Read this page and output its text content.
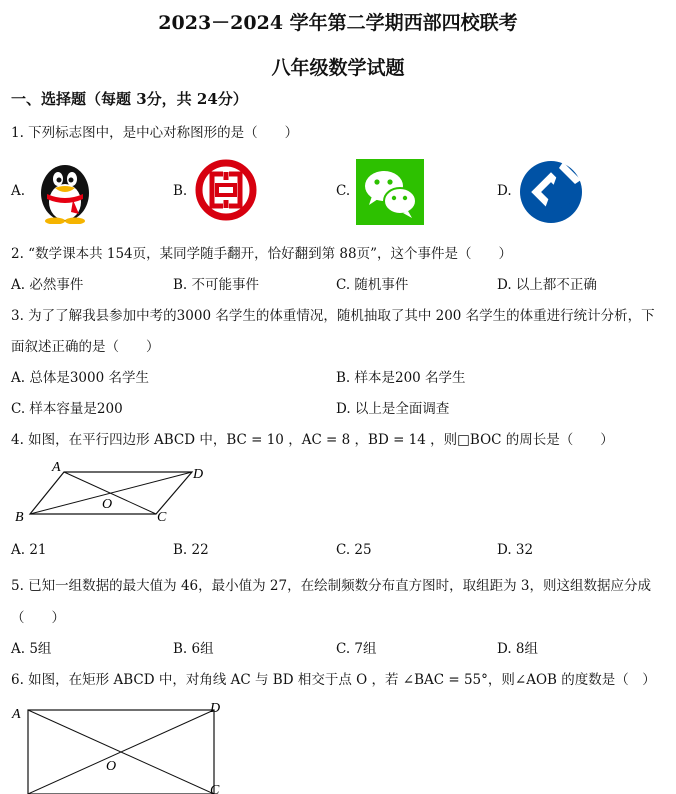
2023－2024 学年第二学期西部四校联考
八年级数学试题
一、选择题（每题 3分，共 24分）
1. 下列标志图中，是中心对称图形的是（　　）
A.	B.	C.	D.
2. “数学课本共 154页，某同学随手翻开，恰好翻到第 88页”，这个事件是（　　）
A. 必然事件	B. 不可能事件	C. 随机事件	D. 以上都不正确
3. 为了了解我县参加中考的3000 名学生的体重情况，随机抽取了其中 200 名学生的体重进行统计分析，下
面叙述正确的是（　　）
A. 总体是3000 名学生	B. 样本是200 名学生
C. 样本容量是200	D. 以上是全面调查
4. 如图，在平行四边形 ABCD 中，BC = 10 ，AC = 8 ，BD = 14 ，则□BOC 的周长是（　　）
A	D
B	C
O
A. 21	B. 22	C. 25	D. 32
5. 已知一组数据的最大值为 46，最小值为 27，在绘制频数分布直方图时，取组距为 3，则这组数据应分成
（　　）
A. 5组	B. 6组	C. 7组	D. 8组
6. 如图，在矩形 ABCD 中，对角线 AC 与 BD 相交于点 O ，若 ∠BAC = 55°，则∠AOB 的度数是（　）
A	D
O
C
